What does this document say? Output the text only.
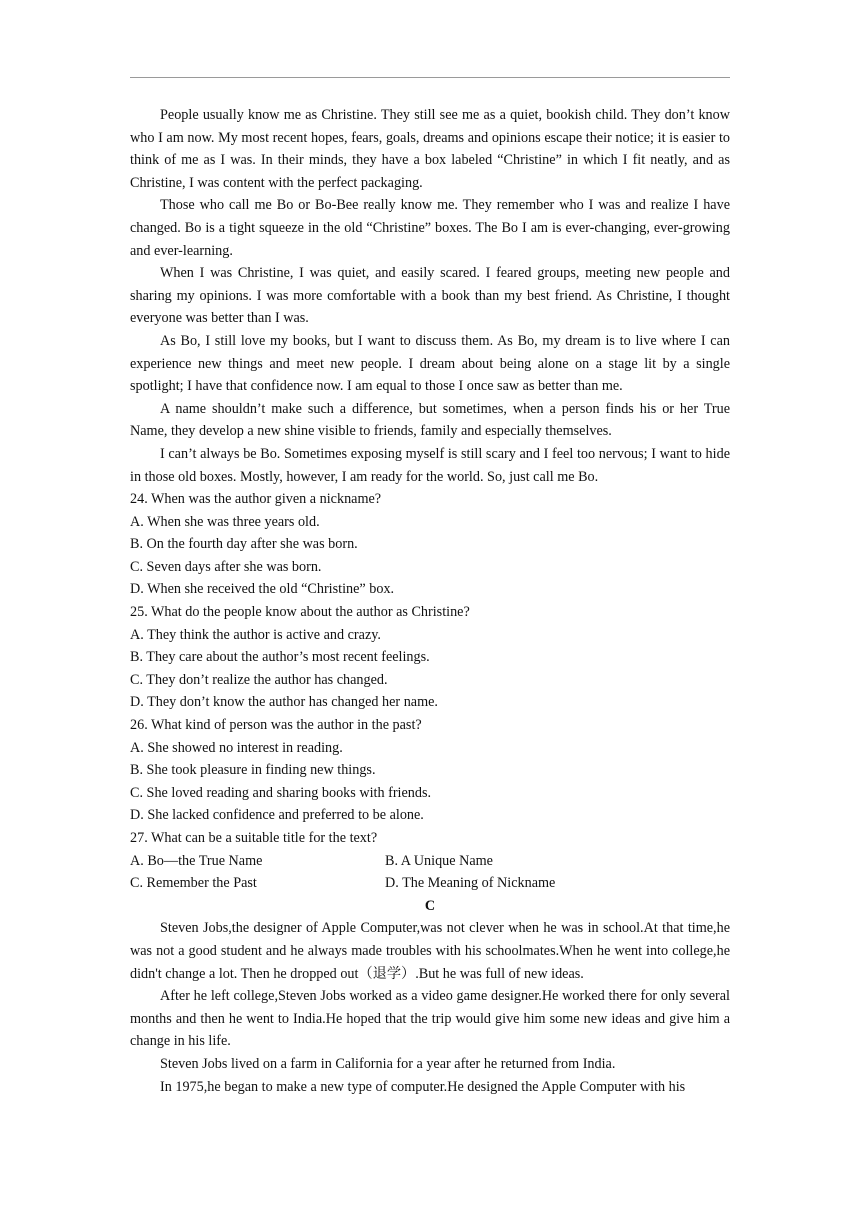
People usually know me as Christine. They still see me as a quiet, bookish child. They don’t know who I am now. My most recent hopes, fears, goals, dreams and opinions escape their notice; it is easier to think of me as I was. In their minds, they have a box labeled “Christine” in which I fit neatly, and as Christine, I was content with the perfect packaging.

Those who call me Bo or Bo-Bee really know me. They remember who I was and realize I have changed. Bo is a tight squeeze in the old “Christine” boxes. The Bo I am is ever-changing, ever-growing and ever-learning.

When I was Christine, I was quiet, and easily scared. I feared groups, meeting new people and sharing my opinions. I was more comfortable with a book than my best friend. As Christine, I thought everyone was better than I was.

As Bo, I still love my books, but I want to discuss them. As Bo, my dream is to live where I can experience new things and meet new people. I dream about being alone on a stage lit by a single spotlight; I have that confidence now. I am equal to those I once saw as better than me.

A name shouldn’t make such a difference, but sometimes, when a person finds his or her True Name, they develop a new shine visible to friends, family and especially themselves.

I can’t always be Bo. Sometimes exposing myself is still scary and I feel too nervous; I want to hide in those old boxes. Mostly, however, I am ready for the world. So, just call me Bo.

24. When was the author given a nickname?

A. When she was three years old.

B. On the fourth day after she was born.

C. Seven days after she was born.

D. When she received the old “Christine” box.

25. What do the people know about the author as Christine?

A. They think the author is active and crazy.

B. They care about the author’s most recent feelings.

C. They don’t realize the author has changed.

D. They don’t know the author has changed her name.

26. What kind of person was the author in the past?

A. She showed no interest in reading.

B. She took pleasure in finding new things.

C. She loved reading and sharing books with friends.

D. She lacked confidence and preferred to be alone.

27. What can be a suitable title for the text?

A. Bo—the True Name	B. A Unique Name

C. Remember the Past	D. The Meaning of Nickname

C

Steven Jobs,the designer of Apple Computer,was not clever when he was in school.At that time,he was not a good student and he always made troubles with his schoolmates.When he went into college,he didn't change a lot. Then he dropped out（退学）.But he was full of new ideas.

After he left college,Steven Jobs worked as a video game designer.He worked there for only several months and then he went to India.He hoped that the trip would give him some new ideas and give him a change in his life.

Steven Jobs lived on a farm in California for a year after he returned from India.

In 1975,he began to make a new type of computer.He designed the Apple Computer with his
